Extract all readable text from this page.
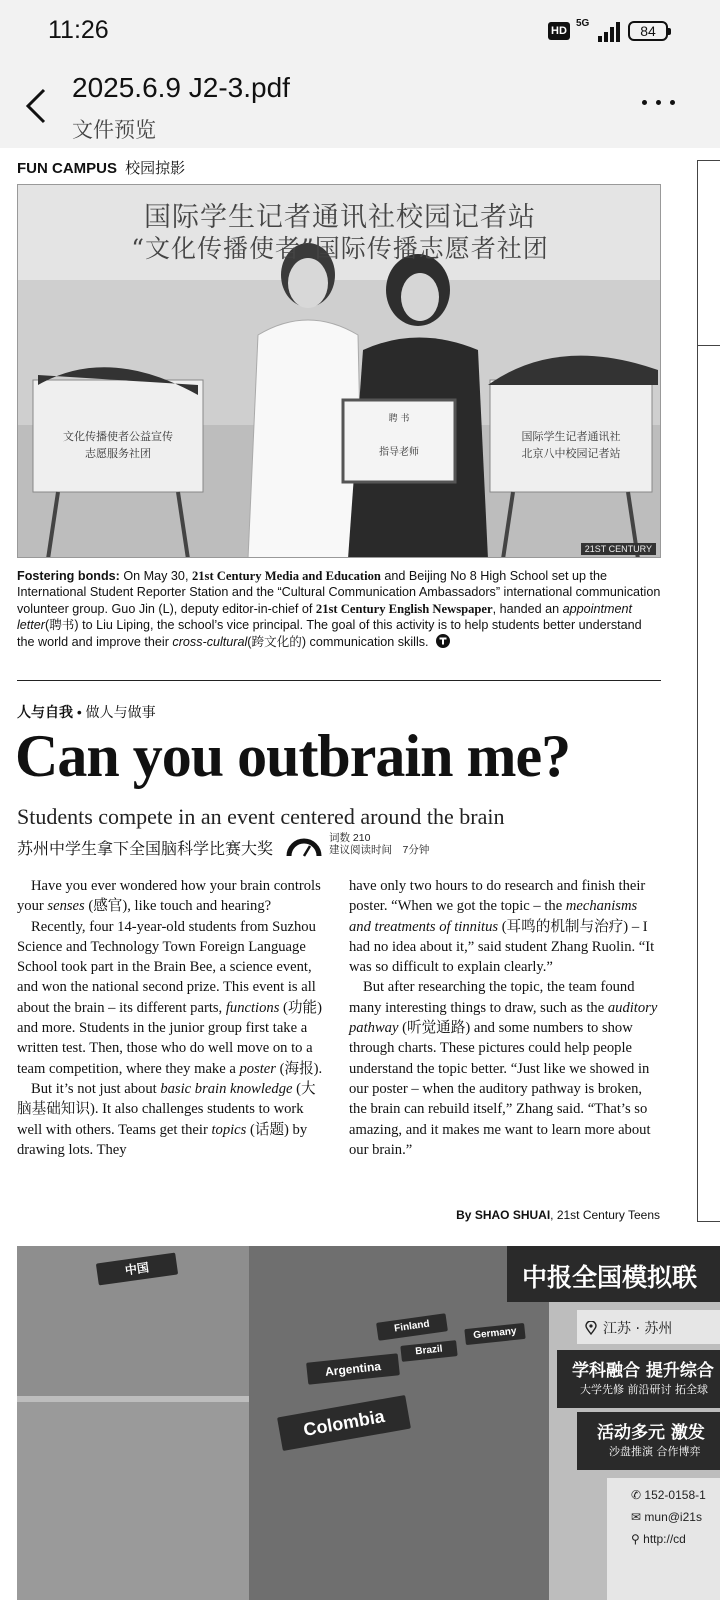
11:26	HD
5G	84
2025.6.9 J2-3.pdf
文件预览
FUN CAMPUS 校园掠影
文化传播使者公益宣传
志愿服务社团
国际学生记者通讯社
北京八中校园记者站
聘 书
指导老师
国际学生记者通讯社校园记者站
“文化传播使者”国际传播志愿者社团
21ST CENTURY
Fostering bonds: On May 30, 21st Century Media and Education and Beijing No 8 High School set up the International Student Reporter Station and the “Cultural Communication Ambassadors” international communication volunteer group. Guo Jin (L), deputy editor-in-chief of 21st Century English Newspaper, handed an appointment letter(聘书) to Liu Liping, the school’s vice principal. The goal of this activity is to help students better understand the world and improve their cross-cultural(跨文化的) communication skills.
人与自我 • 做人与做事
Can you outbrain me?
Students compete in an event centered around the brain
苏州中学生拿下全国脑科学比赛大奖
词数 210
建议阅读时间　7分钟

Have you ever wondered how your brain controls your senses (感官), like touch and hearing?

Recently, four 14-year-old students from Suzhou Science and Technology Town Foreign Language School took part in the Brain Bee, a science event, and won the national second prize. This event is all about the brain – its different parts, functions (功能) and more. Students in the junior group first take a written test. Then, those who do well move on to a team competition, where they make a poster (海报).

But it’s not just about basic brain knowledge (大脑基础知识). It also challenges students to work well with others. Teams get their topics (话题) by drawing lots. They

have only two hours to do research and finish their poster. “When we got the topic – the mechanisms and treatments of tinnitus (耳鸣的机制与治疗) – I had no idea about it,” said student Zhang Ruolin. “It was so difficult to explain clearly.”

But after researching the topic, the team found many interesting things to draw, such as the auditory pathway (听觉通路) and some numbers to show through charts. These pictures could help people understand the topic better. “Just like we showed in our poster – when the auditory pathway is broken, the brain can rebuild itself,” Zhang said. “That’s so amazing, and it makes me want to learn more about our brain.”

By SHAO SHUAI, 21st Century Teens
中国
Argentina
Colombia
Finland
Brazil
Germany
中报全国模拟联
江苏 · 苏州
学科融合 提升综合
大学先修 前沿研讨 拓全球
活动多元 激发
沙盘推演 合作博弈
✆ 152-0158-1
✉ mun@i21s
⚲ http://cd
